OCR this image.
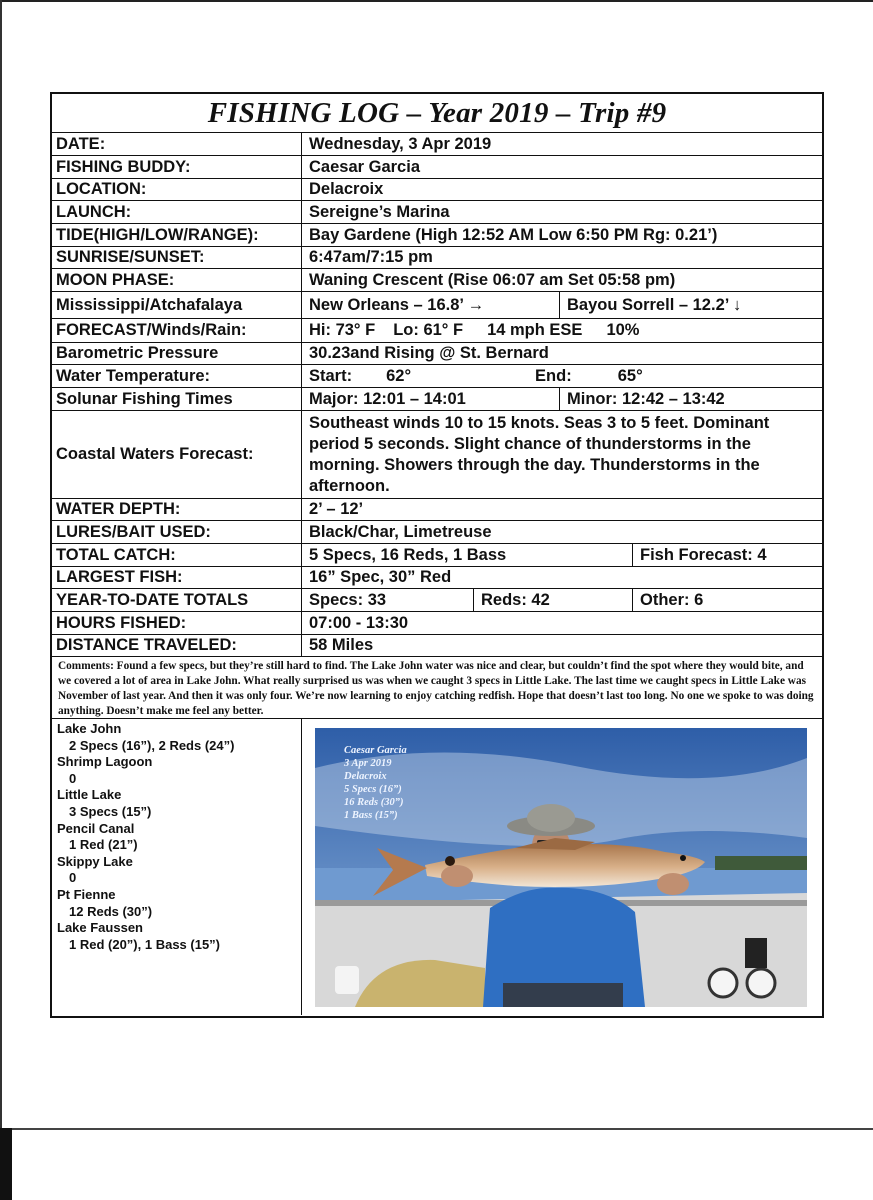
FISHING LOG – Year 2019 – Trip #9
DATE:	Wednesday, 3 Apr 2019
FISHING BUDDY:	Caesar Garcia
LOCATION:	Delacroix
LAUNCH:	Sereigne’s Marina
TIDE(HIGH/LOW/RANGE):	Bay Gardene (High 12:52 AM Low 6:50 PM Rg: 0.21’)
SUNRISE/SUNSET:	6:47am/7:15 pm
MOON PHASE:	Waning Crescent (Rise 06:07 am Set 05:58 pm)
Mississippi/Atchafalaya	New Orleans – 16.8’ →	Bayou Sorrell – 12.2’ ↓
FORECAST/Winds/Rain:	Hi: 73° F Lo: 61° F 14 mph ESE 10%
Barometric Pressure	30.23and Rising @ St. Bernard
Water Temperature:	Start: 62°	End:	65°
Solunar Fishing Times	Major: 12:01 – 14:01	Minor: 12:42 – 13:42
Coastal Waters Forecast:
Southeast winds 10 to 15 knots. Seas 3 to 5 feet. Dominant period 5 seconds. Slight chance of thunderstorms in the morning. Showers through the day. Thunderstorms in the afternoon.
WATER DEPTH:	2’ – 12’
LURES/BAIT USED:	Black/Char, Limetreuse
TOTAL CATCH:	5 Specs, 16 Reds, 1 Bass	Fish Forecast: 4
LARGEST FISH:	16” Spec, 30” Red
YEAR-TO-DATE TOTALS	Specs: 33	Reds: 42	Other: 6
HOURS FISHED:	07:00 - 13:30
DISTANCE TRAVELED:	58 Miles
Comments: Found a few specs, but they’re still hard to find. The Lake John water was nice and clear, but couldn’t find the spot where they would bite, and we covered a lot of area in Lake John. What really surprised us was when we caught 3 specs in Little Lake. The last time we caught specs in Little Lake was November of last year. And then it was only four. We’re now learning to enjoy catching redfish. Hope that doesn’t last too long. No one we spoke to was doing anything. Doesn’t make me feel any better.
Lake John
2 Specs (16”), 2 Reds (24”)
Shrimp Lagoon
0
Little Lake
3 Specs (15”)
Pencil Canal
1 Red (21”)
Skippy Lake
0
Pt Fienne
12 Reds (30”)
Lake Faussen
1 Red (20”), 1 Bass (15”)
Caesar Garcia
3 Apr 2019
Delacroix
5 Specs (16”)
16 Reds (30”)
1 Bass (15”)
